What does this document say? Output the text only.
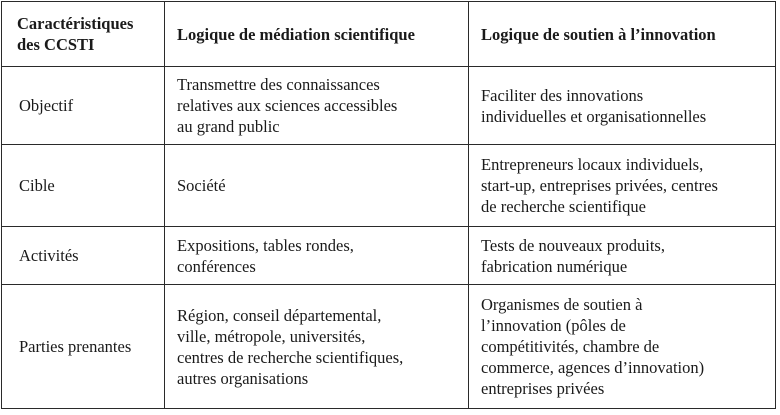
Caractéristiques
des CCSTI	Logique de médiation scientifique	Logique de soutien à l’innovation

Objectif	Transmettre des connaissances
relatives aux sciences accessibles
au grand public	Faciliter des innovations
individuelles et organisationnelles

Cible	Société	Entrepreneurs locaux individuels,
start-up, entreprises privées, centres
de recherche scientifique

Activités	Expositions, tables rondes,
conférences	Tests de nouveaux produits,
fabrication numérique

Parties prenantes	Région, conseil départemental,
ville, métropole, universités,
centres de recherche scientifiques,
autres organisations	Organismes de soutien à
l’innovation (pôles de
compétitivités, chambre de
commerce, agences d’innovation)
entreprises privées
